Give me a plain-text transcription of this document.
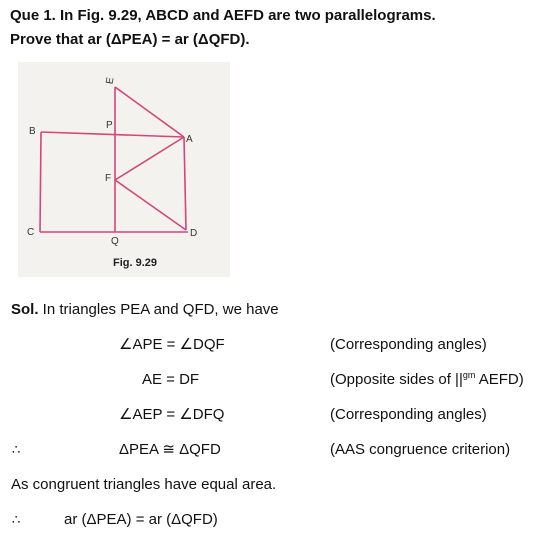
Que 1. In Fig. 9.29, ABCD and AEFD are two parallelograms.
Prove that ar (ΔPEA) = ar (ΔQFD).
E
P
B
A
F
C
Q
D
Fig. 9.29
Sol. In triangles PEA and QFD, we have
∠APE = ∠DQF	(Corresponding angles)
AE = DF	(Opposite sides of $||^{gm}$ AEFD)
∠AEP = ∠DFQ	(Corresponding angles)
∴	ΔPEA ≅ ΔQFD	(AAS congruence criterion)
As congruent triangles have equal area.
∴	ar (ΔPEA) = ar (ΔQFD)
